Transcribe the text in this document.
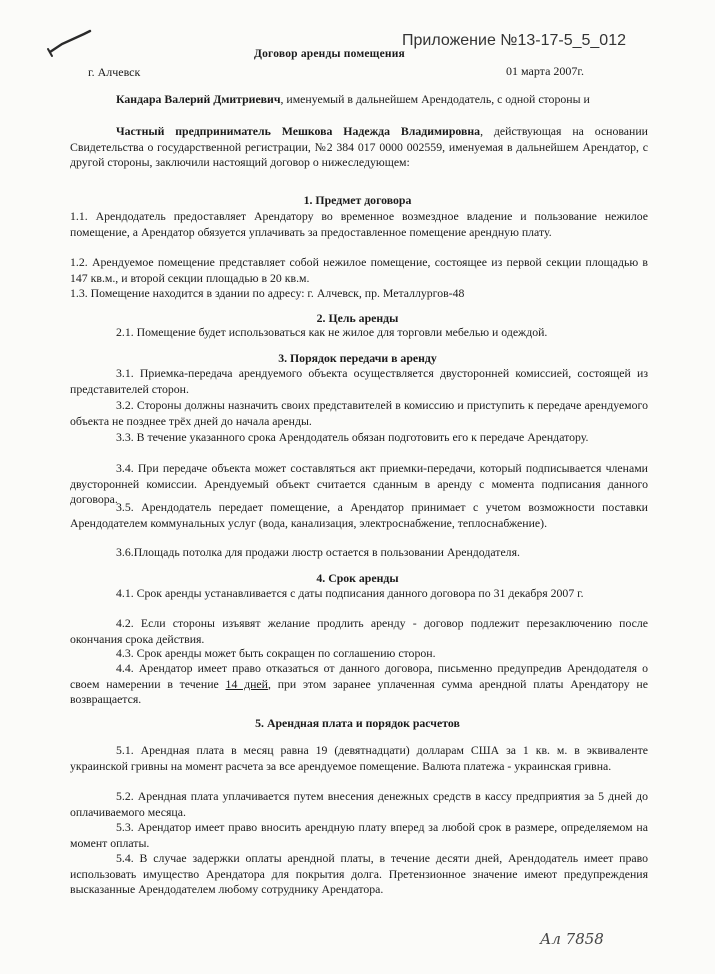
Приложение №13-17-5_5_012
Договор аренды помещения
г. Алчевск	01 марта 2007г.
Кандара Валерий Дмитриевич, именуемый в дальнейшем Арендодатель, с одной стороны и
Частный предприниматель Мешкова Надежда Владимировна, действующая на основании Свидетельства о государственной регистрации, №2 384 017 0000 002559, именуемая в дальнейшем Арендатор, с другой стороны, заключили настоящий договор о нижеследующем:
1. Предмет договора
1.1. Арендодатель предоставляет Арендатору во временное возмездное владение и пользование нежилое помещение, а Арендатор обязуется уплачивать за предоставленное помещение арендную плату.
1.2. Арендуемое помещение представляет собой нежилое помещение, состоящее из первой секции площадью в 147 кв.м., и второй секции площадью в 20 кв.м.
1.3. Помещение находится в здании по адресу: г. Алчевск, пр. Металлургов-48
2. Цель аренды
2.1. Помещение будет использоваться как не жилое для торговли мебелью и одеждой.
3. Порядок передачи в аренду
3.1. Приемка-передача арендуемого объекта осуществляется двусторонней комиссией, состоящей из представителей сторон.
3.2. Стороны должны назначить своих представителей в комиссию и приступить к передаче арендуемого объекта не позднее трёх дней до начала аренды.
3.3. В течение указанного срока Арендодатель обязан подготовить его к передаче Арендатору.
3.4. При передаче объекта может составляться акт приемки-передачи, который подписывается членами двусторонней комиссии. Арендуемый объект считается сданным в аренду с момента подписания данного договора.
3.5. Арендодатель передает помещение, а Арендатор принимает с учетом возможности поставки Арендодателем коммунальных услуг (вода, канализация, электроснабжение, теплоснабжение).
3.6.Площадь потолка для продажи люстр остается в пользовании Арендодателя.
4. Срок аренды
4.1. Срок аренды устанавливается с даты подписания данного договора по 31 декабря 2007 г.
4.2. Если стороны изъявят желание продлить аренду - договор подлежит перезаключению после окончания срока действия.
4.3. Срок аренды может быть сокращен по соглашению сторон.
4.4. Арендатор имеет право отказаться от данного договора, письменно предупредив Арендодателя о своем намерении в течение 14 дней, при этом заранее уплаченная сумма арендной платы Арендатору не возвращается.
5. Арендная плата и порядок расчетов
5.1. Арендная плата в месяц равна 19 (девятнадцати) долларам США за 1 кв. м. в эквиваленте украинской гривны на момент расчета за все арендуемое помещение. Валюта платежа - украинская гривна.
5.2. Арендная плата уплачивается путем внесения денежных средств в кассу предприятия за 5 дней до оплачиваемого месяца.
5.3. Арендатор имеет право вносить арендную плату вперед за любой срок в размере, определяемом на момент оплаты.
5.4. В случае задержки оплаты арендной платы, в течение десяти дней, Арендодатель имеет право использовать имущество Арендатора для покрытия долга. Претензионное значение имеют предупреждения высказанные Арендодателем любому сотруднику Арендатора.
Ал 7858
